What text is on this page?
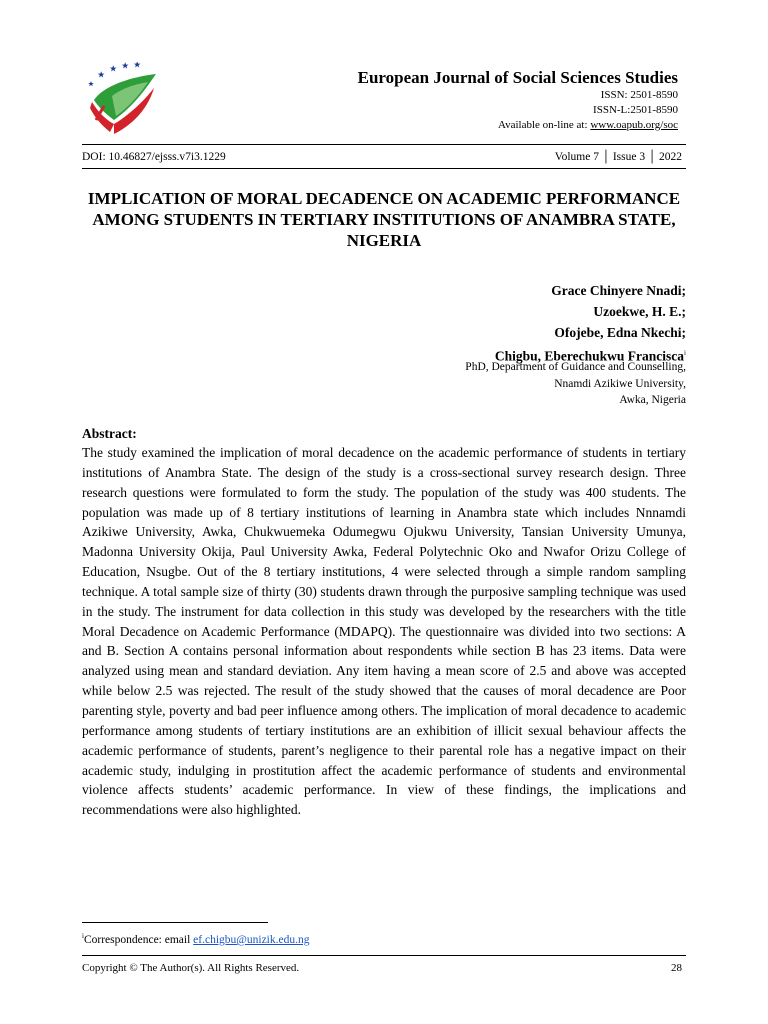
European Journal of Social Sciences Studies
ISSN: 2501-8590
ISSN-L:2501-8590
Available on-line at: www.oapub.org/soc
DOI: 10.46827/ejsss.v7i3.1229	Volume 7 │ Issue 3 │ 2022
IMPLICATION OF MORAL DECADENCE ON ACADEMIC PERFORMANCE AMONG STUDENTS IN TERTIARY INSTITUTIONS OF ANAMBRA STATE, NIGERIA
Grace Chinyere Nnadi;
Uzoekwe, H. E.;
Ofojebe, Edna Nkechi;
Chigbu, Eberechukwu Francisca$^i$
PhD, Department of Guidance and Counselling,
Nnamdi Azikiwe University,
Awka, Nigeria
Abstract:
The study examined the implication of moral decadence on the academic performance of students in tertiary institutions of Anambra State. The design of the study is a cross-sectional survey research design. Three research questions were formulated to form the study. The population of the study was 400 students. The population was made up of 8 tertiary institutions of learning in Anambra state which includes Nnnamdi Azikiwe University, Awka, Chukwuemeka Odumegwu Ojukwu University, Tansian University Umunya, Madonna University Okija, Paul University Awka, Federal Polytechnic Oko and Nwafor Orizu College of Education, Nsugbe. Out of the 8 tertiary institutions, 4 were selected through a simple random sampling technique. A total sample size of thirty (30) students drawn through the purposive sampling technique was used in the study. The instrument for data collection in this study was developed by the researchers with the title Moral Decadence on Academic Performance (MDAPQ). The questionnaire was divided into two sections: A and B. Section A contains personal information about respondents while section B has 23 items. Data were analyzed using mean and standard deviation. Any item having a mean score of 2.5 and above was accepted while below 2.5 was rejected. The result of the study showed that the causes of moral decadence are Poor parenting style, poverty and bad peer influence among others. The implication of moral decadence to academic performance among students of tertiary institutions are an exhibition of illicit sexual behaviour affects the academic performance of students, parent’s negligence to their parental role has a negative impact on their academic study, indulging in prostitution affect the academic performance of students and environmental violence affects students’ academic performance. In view of these findings, the implications and recommendations were also highlighted.
$^i$Correspondence: email ef.chigbu@unizik.edu.ng
Copyright © The Author(s). All Rights Reserved.	28
